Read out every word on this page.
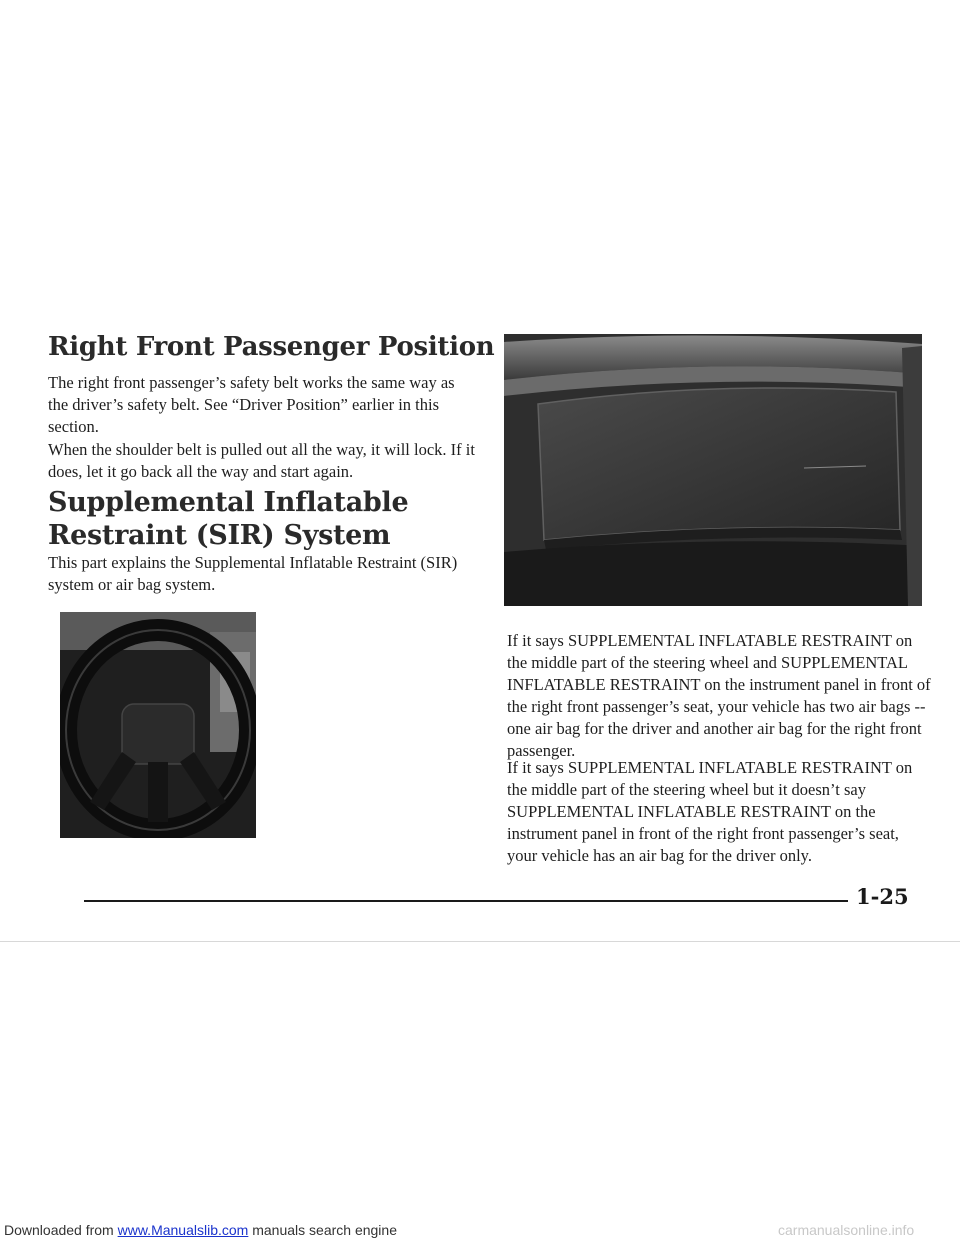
Right Front Passenger Position

The right front passenger’s safety belt works the same way as the driver’s safety belt. See “Driver Position” earlier in this section.

When the shoulder belt is pulled out all the way, it will lock. If it does, let it go back all the way and start again.

Supplemental Inflatable Restraint (SIR) System

This part explains the Supplemental Inflatable Restraint (SIR) system or air bag system.

If it says SUPPLEMENTAL INFLATABLE RESTRAINT on the middle part of the steering wheel and SUPPLEMENTAL INFLATABLE RESTRAINT on the instrument panel in front of the right front passenger’s seat, your vehicle has two air bags -- one air bag for the driver and another air bag for the right front passenger.

If it says SUPPLEMENTAL INFLATABLE RESTRAINT on the middle part of the steering wheel but it doesn’t say SUPPLEMENTAL INFLATABLE RESTRAINT on the instrument panel in front of the right front passenger’s seat, your vehicle has an air bag for the driver only.

1-25
Downloaded from www.Manualslib.com manuals search engine	carmanualsonline.info
